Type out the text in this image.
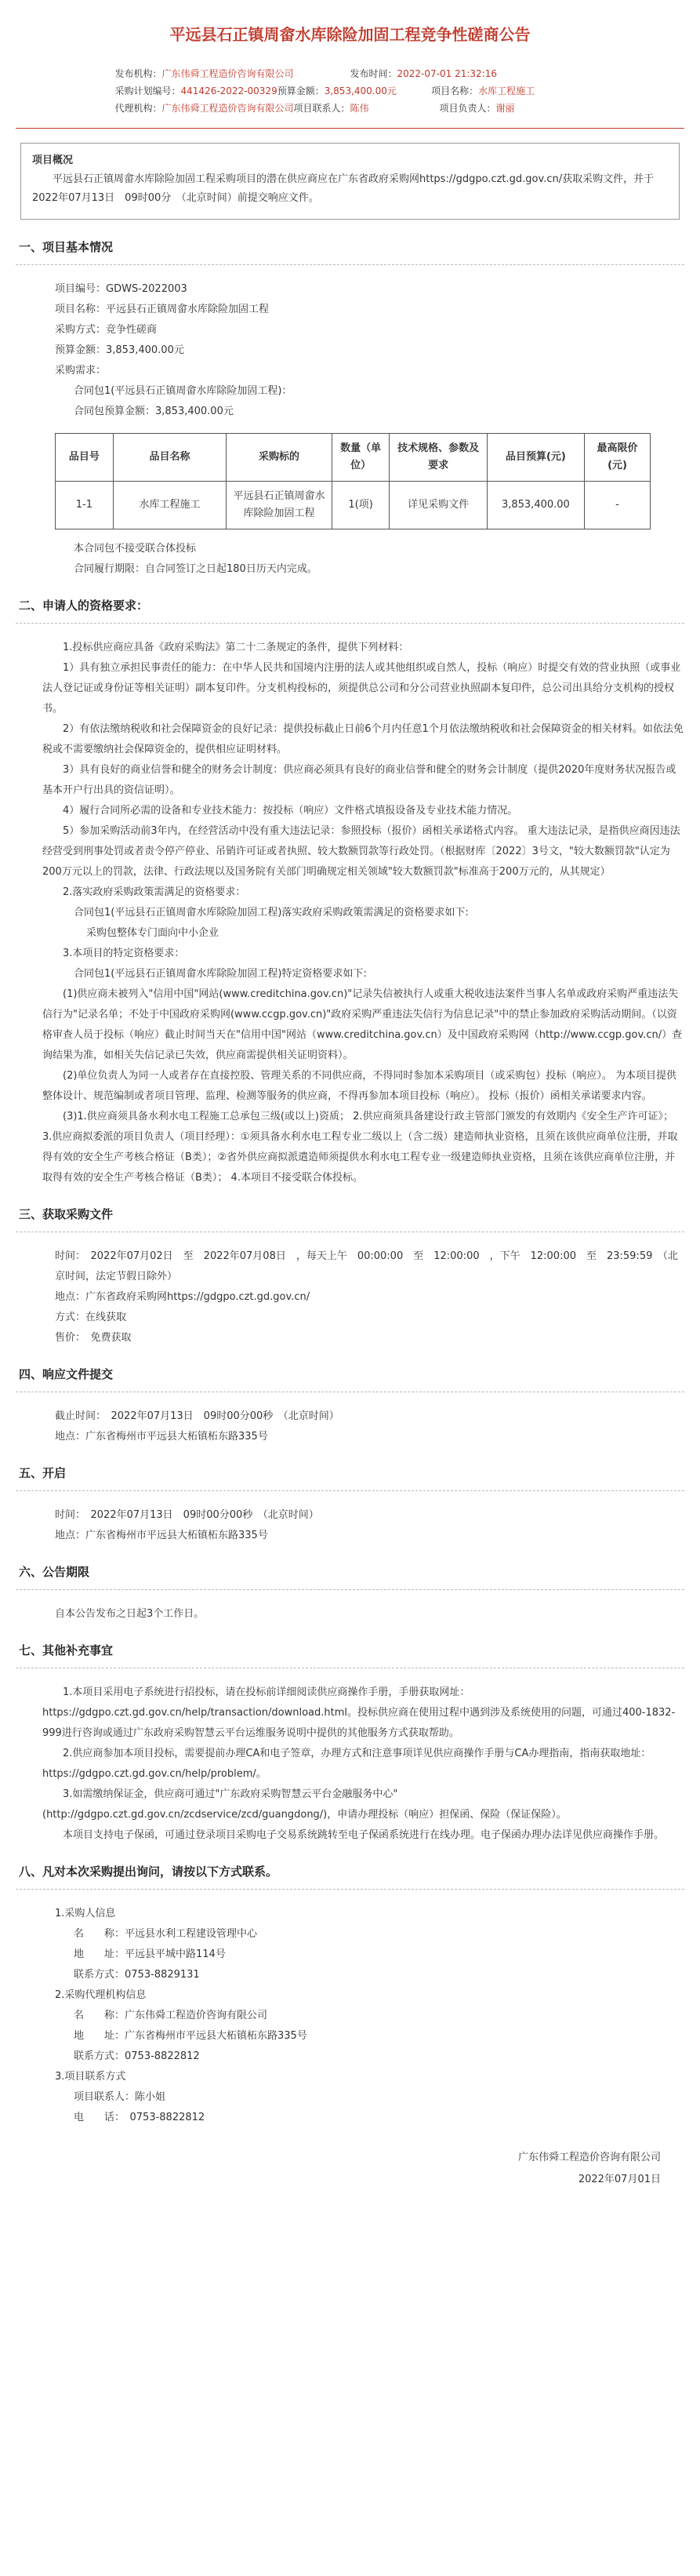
平远县石正镇周畲水库除险加固工程竞争性磋商公告
发布机构：广东伟舜工程造价咨询有限公司	发布时间：2022-07-01 21:32:16
采购计划编号：441426-2022-00329 预算金额：3,853,400.00元	项目名称：水库工程施工
代理机构：广东伟舜工程造价咨询有限公司 项目联系人：陈伟	项目负责人：谢丽
项目概况

平远县石正镇周畲水库除险加固工程采购项目的潜在供应商应在广东省政府采购网https://gdgpo.czt.gd.gov.cn/获取采购文件，并于　2022年07月13日　09时00分　（北京时间）前提交响应文件。

一、项目基本情况

项目编号：GDWS-2022003

项目名称：平远县石正镇周畲水库除险加固工程

采购方式：竞争性磋商

预算金额：3,853,400.00元

采购需求：

合同包1(平远县石正镇周畲水库除险加固工程)：

合同包预算金额：3,853,400.00元

品目号	品目名称	采购标的	数量（单位）	技术规格、参数及要求	品目预算(元)	最高限价(元)
1-1	水库工程施工	平远县石正镇周畲水库除险加固工程	1(项)	详见采购文件	3,853,400.00	-

本合同包不接受联合体投标

合同履行期限：自合同签订之日起180日历天内完成。

二、申请人的资格要求：

1.投标供应商应具备《政府采购法》第二十二条规定的条件，提供下列材料：

1）具有独立承担民事责任的能力：在中华人民共和国境内注册的法人或其他组织或自然人，投标（响应）时提交有效的营业执照（或事业法人登记证或身份证等相关证明）副本复印件。分支机构投标的，须提供总公司和分公司营业执照副本复印件，总公司出具给分支机构的授权书。

2）有依法缴纳税收和社会保障资金的良好记录：提供投标截止日前6个月内任意1个月依法缴纳税收和社会保障资金的相关材料。如依法免税或不需要缴纳社会保障资金的，提供相应证明材料。

3）具有良好的商业信誉和健全的财务会计制度：供应商必须具有良好的商业信誉和健全的财务会计制度（提供2020年度财务状况报告或基本开户行出具的资信证明）。

4）履行合同所必需的设备和专业技术能力：按投标（响应）文件格式填报设备及专业技术能力情况。

5）参加采购活动前3年内，在经营活动中没有重大违法记录：参照投标（报价）函相关承诺格式内容。 重大违法记录，是指供应商因违法经营受到刑事处罚或者责令停产停业、吊销许可证或者执照、较大数额罚款等行政处罚。（根据财库〔2022〕3号文，"较大数额罚款"认定为200万元以上的罚款，法律、行政法规以及国务院有关部门明确规定相关领域"较大数额罚款"标准高于200万元的，从其规定）

2.落实政府采购政策需满足的资格要求：

合同包1(平远县石正镇周畲水库除险加固工程)落实政府采购政策需满足的资格要求如下:

采购包整体专门面向中小企业

3.本项目的特定资格要求：

合同包1(平远县石正镇周畲水库除险加固工程)特定资格要求如下:

(1)供应商未被列入"信用中国"网站(www.creditchina.gov.cn)"记录失信被执行人或重大税收违法案件当事人名单或政府采购严重违法失信行为"记录名单；不处于中国政府采购网(www.ccgp.gov.cn)"政府采购严重违法失信行为信息记录"中的禁止参加政府采购活动期间。（以资格审查人员于投标（响应）截止时间当天在"信用中国"网站（www.creditchina.gov.cn）及中国政府采购网（http://www.ccgp.gov.cn/）查询结果为准，如相关失信记录已失效，供应商需提供相关证明资料）。

(2)单位负责人为同一人或者存在直接控股、管理关系的不同供应商，不得同时参加本采购项目（或采购包）投标（响应）。 为本项目提供整体设计、规范编制或者项目管理、监理、检测等服务的供应商，不得再参加本项目投标（响应）。 投标（报价）函相关承诺要求内容。

(3)1.供应商须具备水利水电工程施工总承包三级(或以上)资质； 2.供应商须具备建设行政主管部门颁发的有效期内《安全生产许可证》； 3.供应商拟委派的项目负责人（项目经理）：①须具备水利水电工程专业二级以上（含二级）建造师执业资格，且须在该供应商单位注册，并取得有效的安全生产考核合格证（B类）；②省外供应商拟派遣造师须提供水利水电工程专业一级建造师执业资格，且须在该供应商单位注册，并取得有效的安全生产考核合格证（B类）； 4.本项目不接受联合体投标。

三、获取采购文件

时间：　2022年07月02日　至　2022年07月08日　，每天上午　00:00:00　至　12:00:00　，下午　12:00:00　至　23:59:59　（北京时间，法定节假日除外）

地点：广东省政府采购网https://gdgpo.czt.gd.gov.cn/

方式：在线获取

售价：　免费获取

四、响应文件提交

截止时间：　2022年07月13日　09时00分00秒　（北京时间）

地点：广东省梅州市平远县大柘镇柘东路335号

五、开启

时间：　2022年07月13日　09时00分00秒　（北京时间）

地点：广东省梅州市平远县大柘镇柘东路335号

六、公告期限

自本公告发布之日起3个工作日。

七、其他补充事宜

1.本项目采用电子系统进行招投标，请在投标前详细阅读供应商操作手册，手册获取网址：https://gdgpo.czt.gd.gov.cn/help/transaction/download.html。投标供应商在使用过程中遇到涉及系统使用的问题，可通过400-1832-999进行咨询或通过广东政府采购智慧云平台运维服务说明中提供的其他服务方式获取帮助。

2.供应商参加本项目投标，需要提前办理CA和电子签章，办理方式和注意事项详见供应商操作手册与CA办理指南，指南获取地址：https://gdgpo.czt.gd.gov.cn/help/problem/。

3.如需缴纳保证金，供应商可通过"广东政府采购智慧云平台金融服务中心"(http://gdgpo.czt.gd.gov.cn/zcdservice/zcd/guangdong/)，申请办理投标（响应）担保函、保险（保证保险）。

本项目支持电子保函，可通过登录项目采购电子交易系统跳转至电子保函系统进行在线办理。电子保函办理办法详见供应商操作手册。

八、凡对本次采购提出询问，请按以下方式联系。

1.采购人信息

名　　称：平远县水利工程建设管理中心

地　　址：平远县平城中路114号

联系方式：0753-8829131

2.采购代理机构信息

名　　称：广东伟舜工程造价咨询有限公司

地　　址：广东省梅州市平远县大柘镇柘东路335号

联系方式：0753-8822812

3.项目联系方式

项目联系人：陈小姐

电　　话：　0753-8822812

广东伟舜工程造价咨询有限公司
2022年07月01日
